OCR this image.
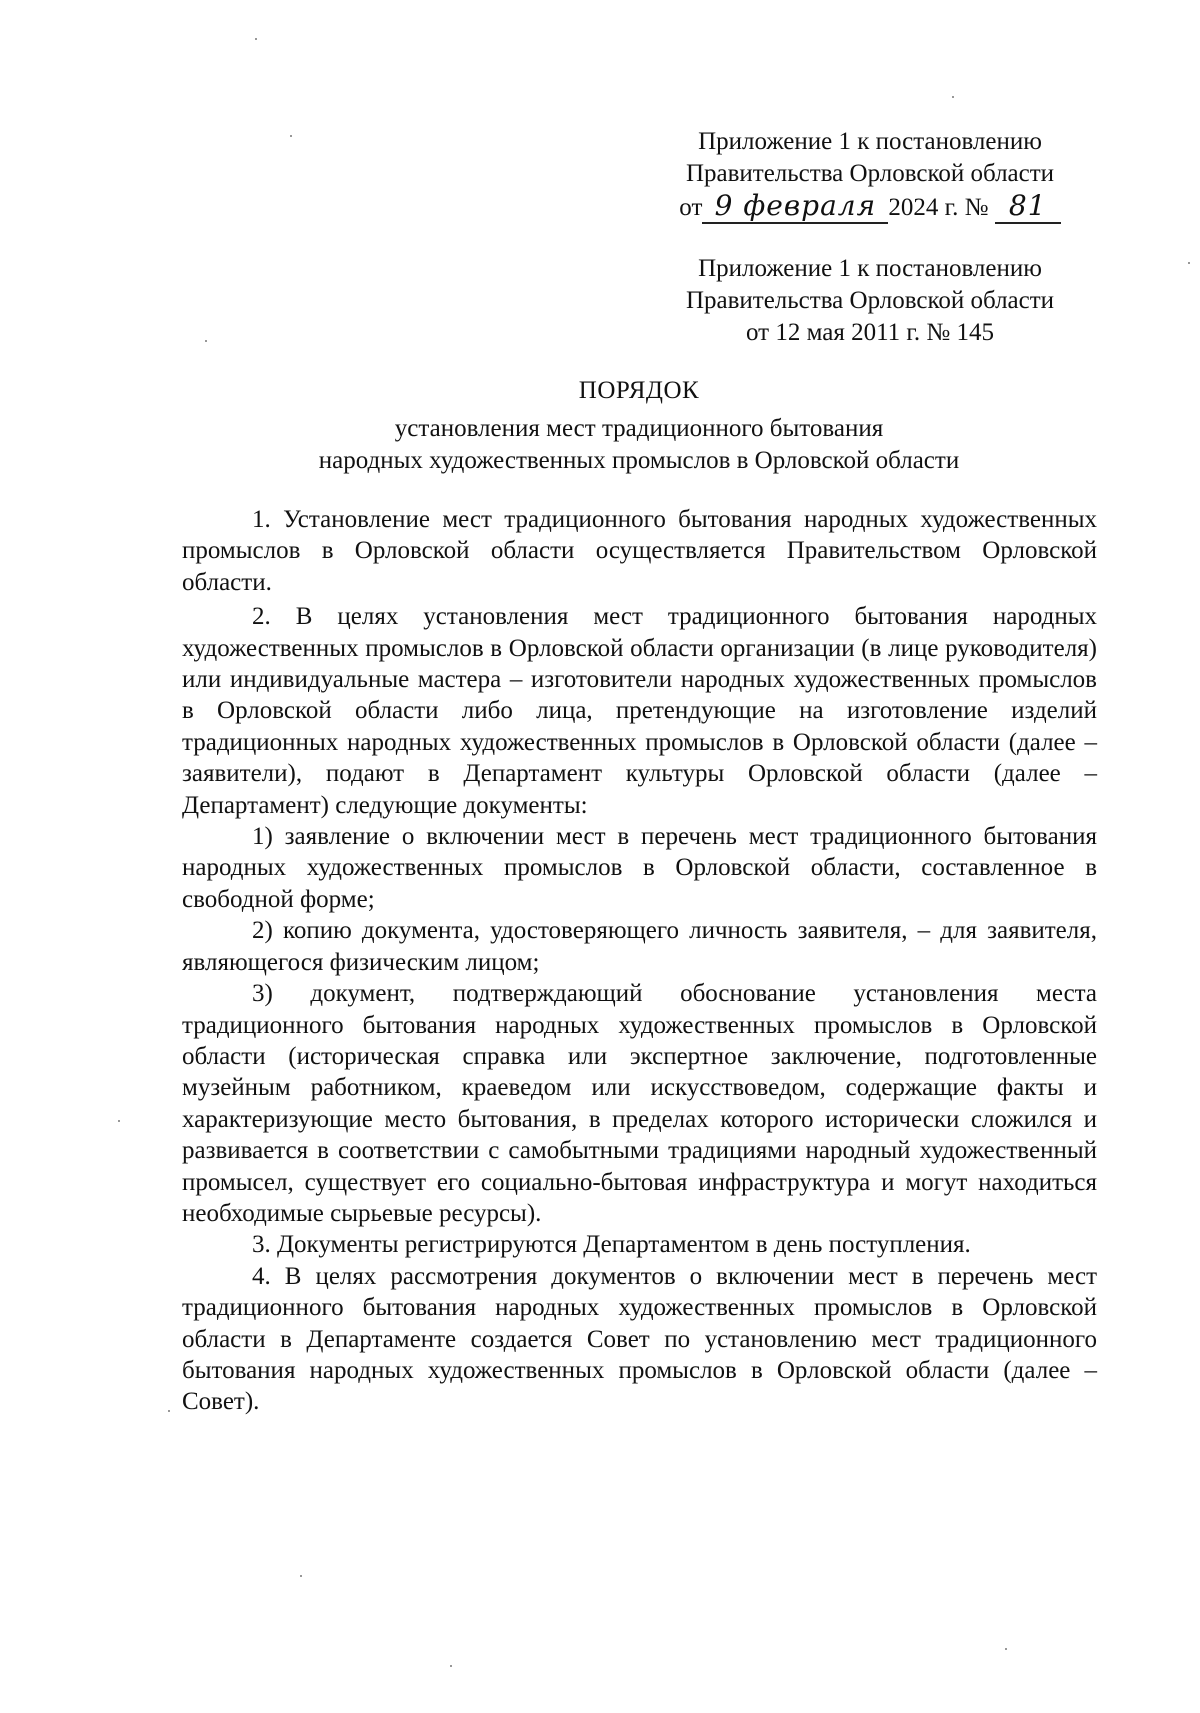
Приложение 1 к постановлению
Правительства Орловской области
от 9 февраля 2024 г. № 81
Приложение 1 к постановлению
Правительства Орловской области
от 12 мая 2011 г. № 145
ПОРЯДОК
установления мест традиционного бытования
народных художественных промыслов в Орловской области

1. Установление мест традиционного бытования народных художественных промыслов в Орловской области осуществляется Правительством Орловской области.

2. В целях установления мест традиционного бытования народных художественных промыслов в Орловской области организации (в лице руководителя) или индивидуальные мастера – изготовители народных художественных промыслов в Орловской области либо лица, претендующие на изготовление изделий традиционных народных художественных промыслов в Орловской области (далее – заявители), подают в Департамент культуры Орловской области (далее – Департамент) следующие документы:

1) заявление о включении мест в перечень мест традиционного бытования народных художественных промыслов в Орловской области, составленное в свободной форме;

2) копию документа, удостоверяющего личность заявителя, – для заявителя, являющегося физическим лицом;

3) документ, подтверждающий обоснование установления места традиционного бытования народных художественных промыслов в Орловской области (историческая справка или экспертное заключение, подготовленные музейным работником, краеведом или искусствоведом, содержащие факты и характеризующие место бытования, в пределах которого исторически сложился и развивается в соответствии с самобытными традициями народный художественный промысел, существует его социально-бытовая инфраструктура и могут находиться необходимые сырьевые ресурсы).

3. Документы регистрируются Департаментом в день поступления.

4. В целях рассмотрения документов о включении мест в перечень мест традиционного бытования народных художественных промыслов в Орловской области в Департаменте создается Совет по установлению мест традиционного бытования народных художественных промыслов в Орловской области (далее – Совет).
